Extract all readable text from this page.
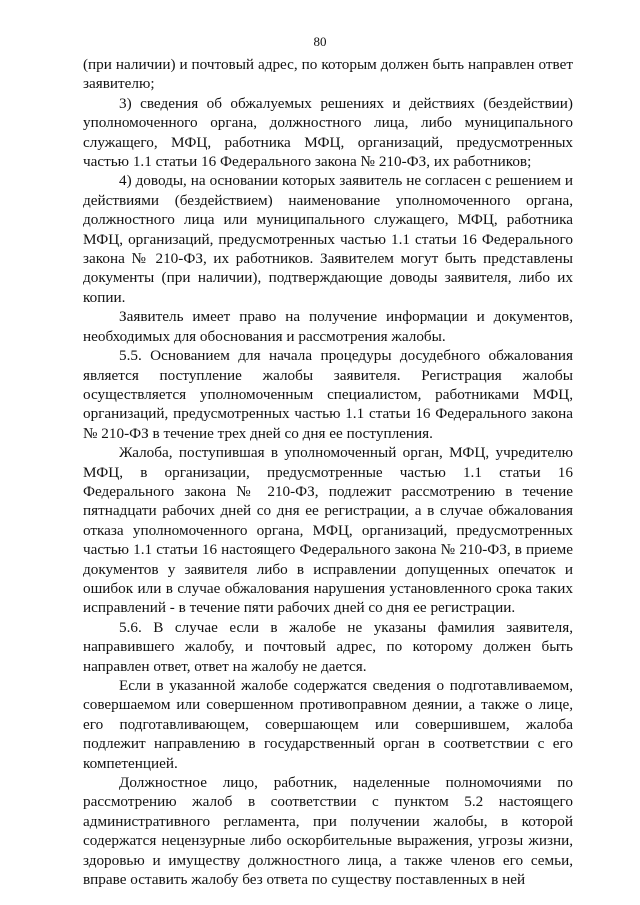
80

(при наличии) и почтовый адрес, по которым должен быть направлен ответ заявителю;

3) сведения об обжалуемых решениях и действиях (бездействии) уполномоченного органа, должностного лица, либо муниципального служащего, МФЦ, работника МФЦ, организаций, предусмотренных частью 1.1 статьи 16 Федерального закона № 210-ФЗ, их работников;

4) доводы, на основании которых заявитель не согласен с решением и действиями (бездействием) наименование уполномоченного органа, должностного лица или муниципального служащего, МФЦ, работника МФЦ, организаций, предусмотренных частью 1.1 статьи 16 Федерального закона № 210-ФЗ, их работников. Заявителем могут быть представлены документы (при наличии), подтверждающие доводы заявителя, либо их копии.

Заявитель имеет право на получение информации и документов, необходимых для обоснования и рассмотрения жалобы.

5.5. Основанием для начала процедуры досудебного обжалования является поступление жалобы заявителя. Регистрация жалобы осуществляется уполномоченным специалистом, работниками МФЦ, организаций, предусмотренных частью 1.1 статьи 16 Федерального закона № 210-ФЗ в течение трех дней со дня ее поступления.

Жалоба, поступившая в уполномоченный орган, МФЦ, учредителю МФЦ, в организации, предусмотренные частью 1.1 статьи 16 Федерального закона № 210-ФЗ, подлежит рассмотрению в течение пятнадцати рабочих дней со дня ее регистрации, а в случае обжалования отказа уполномоченного органа, МФЦ, организаций, предусмотренных частью 1.1 статьи 16 настоящего Федерального закона № 210-ФЗ, в приеме документов у заявителя либо в исправлении допущенных опечаток и ошибок или в случае обжалования нарушения установленного срока таких исправлений - в течение пяти рабочих дней со дня ее регистрации.

5.6. В случае если в жалобе не указаны фамилия заявителя, направившего жалобу, и почтовый адрес, по которому должен быть направлен ответ, ответ на жалобу не дается.

Если в указанной жалобе содержатся сведения о подготавливаемом, совершаемом или совершенном противоправном деянии, а также о лице, его подготавливающем, совершающем или совершившем, жалоба подлежит направлению в государственный орган в соответствии с его компетенцией.

Должностное лицо, работник, наделенные полномочиями по рассмотрению жалоб в соответствии с пунктом 5.2 настоящего административного регламента, при получении жалобы, в которой содержатся нецензурные либо оскорбительные выражения, угрозы жизни, здоровью и имуществу должностного лица, а также членов его семьи, вправе оставить жалобу без ответа по существу поставленных в ней
